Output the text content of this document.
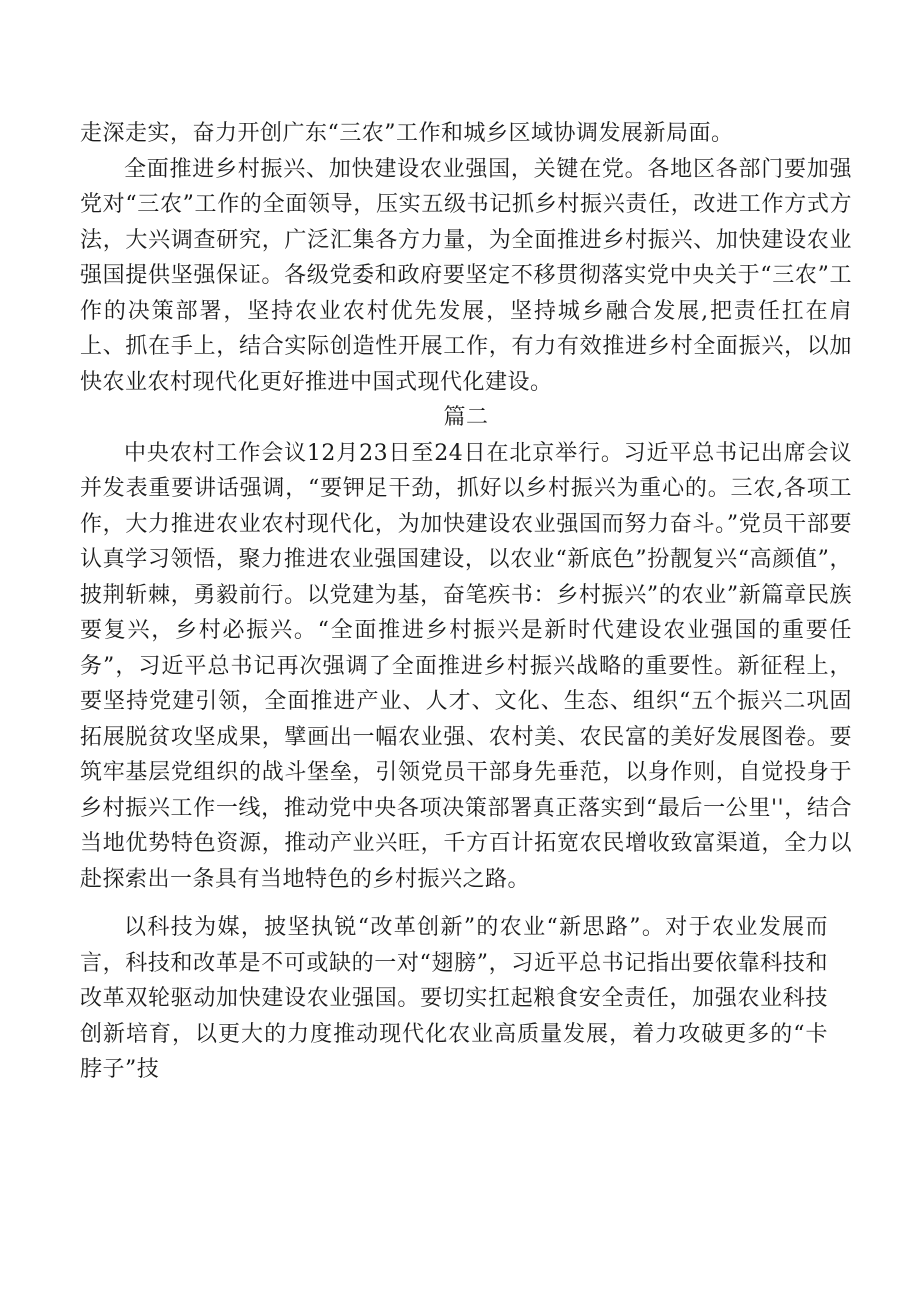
走深走实，奋力开创广东“三农”工作和城乡区域协调发展新局面。

全面推进乡村振兴、加快建设农业强国，关键在党。各地区各部门要加强党对“三农”工作的全面领导，压实五级书记抓乡村振兴责任，改进工作方式方法，大兴调查研究，广泛汇集各方力量，为全面推进乡村振兴、加快建设农业强国提供坚强保证。各级党委和政府要坚定不移贯彻落实党中央关于“三农”工作的决策部署，坚持农业农村优先发展，坚持城乡融合发展,把责任扛在肩上、抓在手上，结合实际创造性开展工作，有力有效推进乡村全面振兴，以加快农业农村现代化更好推进中国式现代化建设。

篇二

中央农村工作会议12月23日至24日在北京举行。习近平总书记出席会议并发表重要讲话强调，“要钾足干劲，抓好以乡村振兴为重心的。三农,各项工作，大力推进农业农村现代化，为加快建设农业强国而努力奋斗。”党员干部要认真学习领悟，聚力推进农业强国建设，以农业“新底色”扮靓复兴“高颜值”，披荆斩棘，勇毅前行。以党建为基，奋笔疾书：乡村振兴”的农业”新篇章民族要复兴，乡村必振兴。“全面推进乡村振兴是新时代建设农业强国的重要任务”，习近平总书记再次强调了全面推进乡村振兴战略的重要性。新征程上，要坚持党建引领，全面推进产业、人才、文化、生态、组织“五个振兴二巩固拓展脱贫攻坚成果，擘画出一幅农业强、农村美、农民富的美好发展图卷。要筑牢基层党组织的战斗堡垒，引领党员干部身先垂范，以身作则，自觉投身于乡村振兴工作一线，推动党中央各项决策部署真正落实到“最后一公里''，结合当地优势特色资源，推动产业兴旺，千方百计拓宽农民增收致富渠道，全力以赴探索出一条具有当地特色的乡村振兴之路。

以科技为媒，披坚执锐“改革创新”的农业“新思路”。对于农业发展而言，科技和改革是不可或缺的一对“翅膀”，习近平总书记指出要依靠科技和改革双轮驱动加快建设农业强国。要切实扛起粮食安全责任，加强农业科技创新培育，以更大的力度推动现代化农业高质量发展，着力攻破更多的“卡脖子”技
